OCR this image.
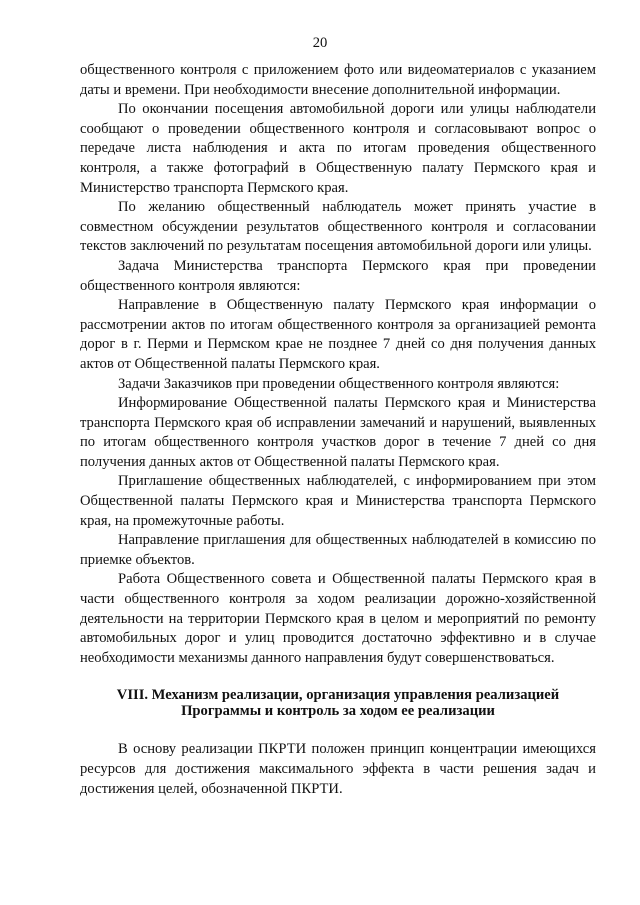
20

общественного контроля с приложением фото или видеоматериалов с указанием даты и времени. При необходимости внесение дополнительной информации.

По окончании посещения автомобильной дороги или улицы наблюдатели сообщают о проведении общественного контроля и согласовывают вопрос о передаче листа наблюдения и акта по итогам проведения общественного контроля, а также фотографий в Общественную палату Пермского края и Министерство транспорта Пермского края.

По желанию общественный наблюдатель может принять участие в совместном обсуждении результатов общественного контроля и согласовании текстов заключений по результатам посещения автомобильной дороги или улицы.

Задача Министерства транспорта Пермского края при проведении общественного контроля являются:

Направление в Общественную палату Пермского края информации о рассмотрении актов по итогам общественного контроля за организацией ремонта дорог в г. Перми и Пермском крае не позднее 7 дней со дня получения данных актов от Общественной палаты Пермского края.

Задачи Заказчиков при проведении общественного контроля являются:

Информирование Общественной палаты Пермского края и Министерства транспорта Пермского края об исправлении замечаний и нарушений, выявленных по итогам общественного контроля участков дорог в течение 7 дней со дня получения данных актов от Общественной палаты Пермского края.

Приглашение общественных наблюдателей, с информированием при этом Общественной палаты Пермского края и Министерства транспорта Пермского края, на промежуточные работы.

Направление приглашения для общественных наблюдателей в комиссию по приемке объектов.

Работа Общественного совета и Общественной палаты Пермского края в части общественного контроля за ходом реализации дорожно-хозяйственной деятельности на территории Пермского края в целом и мероприятий по ремонту автомобильных дорог и улиц проводится достаточно эффективно и в случае необходимости механизмы данного направления будут совершенствоваться.

VIII. Механизм реализации, организация управления реализацией
Программы и контроль за ходом ее реализации

В основу реализации ПКРТИ положен принцип концентрации имеющихся ресурсов для достижения максимального эффекта в части решения задач и достижения целей, обозначенной ПКРТИ.
